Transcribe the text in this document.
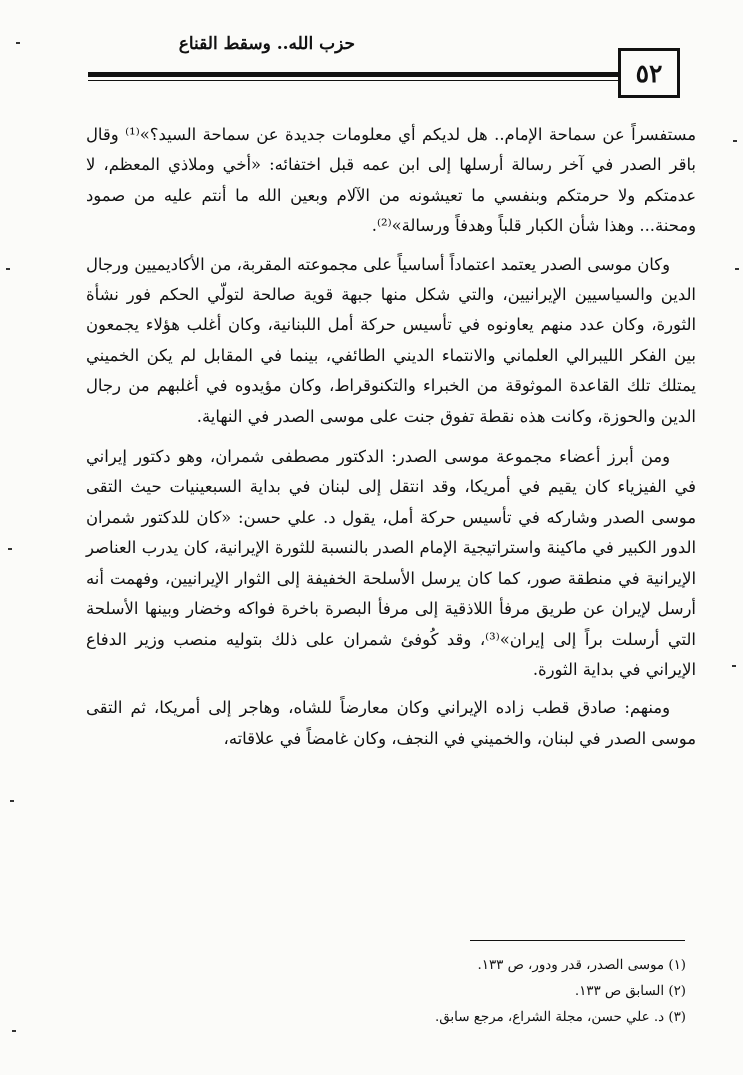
حزب الله.. وسقط القناع
٥٢

مستفسراً عن سماحة الإمام.. هل لديكم أي معلومات جديدة عن سماحة السيد؟»⁽¹⁾ وقال باقر الصدر في آخر رسالة أرسلها إلى ابن عمه قبل اختفائه: «أخي وملاذي المعظم، لا عدمتكم ولا حرمتكم وبنفسي ما تعيشونه من الآلام وبعين الله ما أنتم عليه من صمود ومحنة... وهذا شأن الكبار قلباً وهدفاً ورسالة»⁽²⁾.

وكان موسى الصدر يعتمد اعتماداً أساسياً على مجموعته المقربة، من الأكاديميين ورجال الدين والسياسيين الإيرانيين، والتي شكل منها جبهة قوية صالحة لتولّي الحكم فور نشأة الثورة، وكان عدد منهم يعاونوه في تأسيس حركة أمل اللبنانية، وكان أغلب هؤلاء يجمعون بين الفكر الليبرالي العلماني والانتماء الديني الطائفي، بينما في المقابل لم يكن الخميني يمتلك تلك القاعدة الموثوقة من الخبراء والتكنوقراط، وكان مؤيدوه في أغلبهم من رجال الدين والحوزة، وكانت هذه نقطة تفوق جنت على موسى الصدر في النهاية.

ومن أبرز أعضاء مجموعة موسى الصدر: الدكتور مصطفى شمران، وهو دكتور إيراني في الفيزياء كان يقيم في أمريكا، وقد انتقل إلى لبنان في بداية السبعينيات حيث التقى موسى الصدر وشاركه في تأسيس حركة أمل، يقول د. علي حسن: «كان للدكتور شمران الدور الكبير في ماكينة واستراتيجية الإمام الصدر بالنسبة للثورة الإيرانية، كان يدرب العناصر الإيرانية في منطقة صور، كما كان يرسل الأسلحة الخفيفة إلى الثوار الإيرانيين، وفهمت أنه أرسل لإيران عن طريق مرفأ اللاذقية إلى مرفأ البصرة باخرة فواكه وخضار وبينها الأسلحة التي أرسلت براً إلى إيران»⁽³⁾، وقد كُوفئ شمران على ذلك بتوليه منصب وزير الدفاع الإيراني في بداية الثورة.

ومنهم: صادق قطب زاده الإيراني وكان معارضاً للشاه، وهاجر إلى أمريكا، ثم التقى موسى الصدر في لبنان، والخميني في النجف، وكان غامضاً في علاقاته،

(١) موسى الصدر، قدر ودور، ص ١٣٣.

(٢) السابق ص ١٣٣.

(٣) د. علي حسن، مجلة الشراع، مرجع سابق.
